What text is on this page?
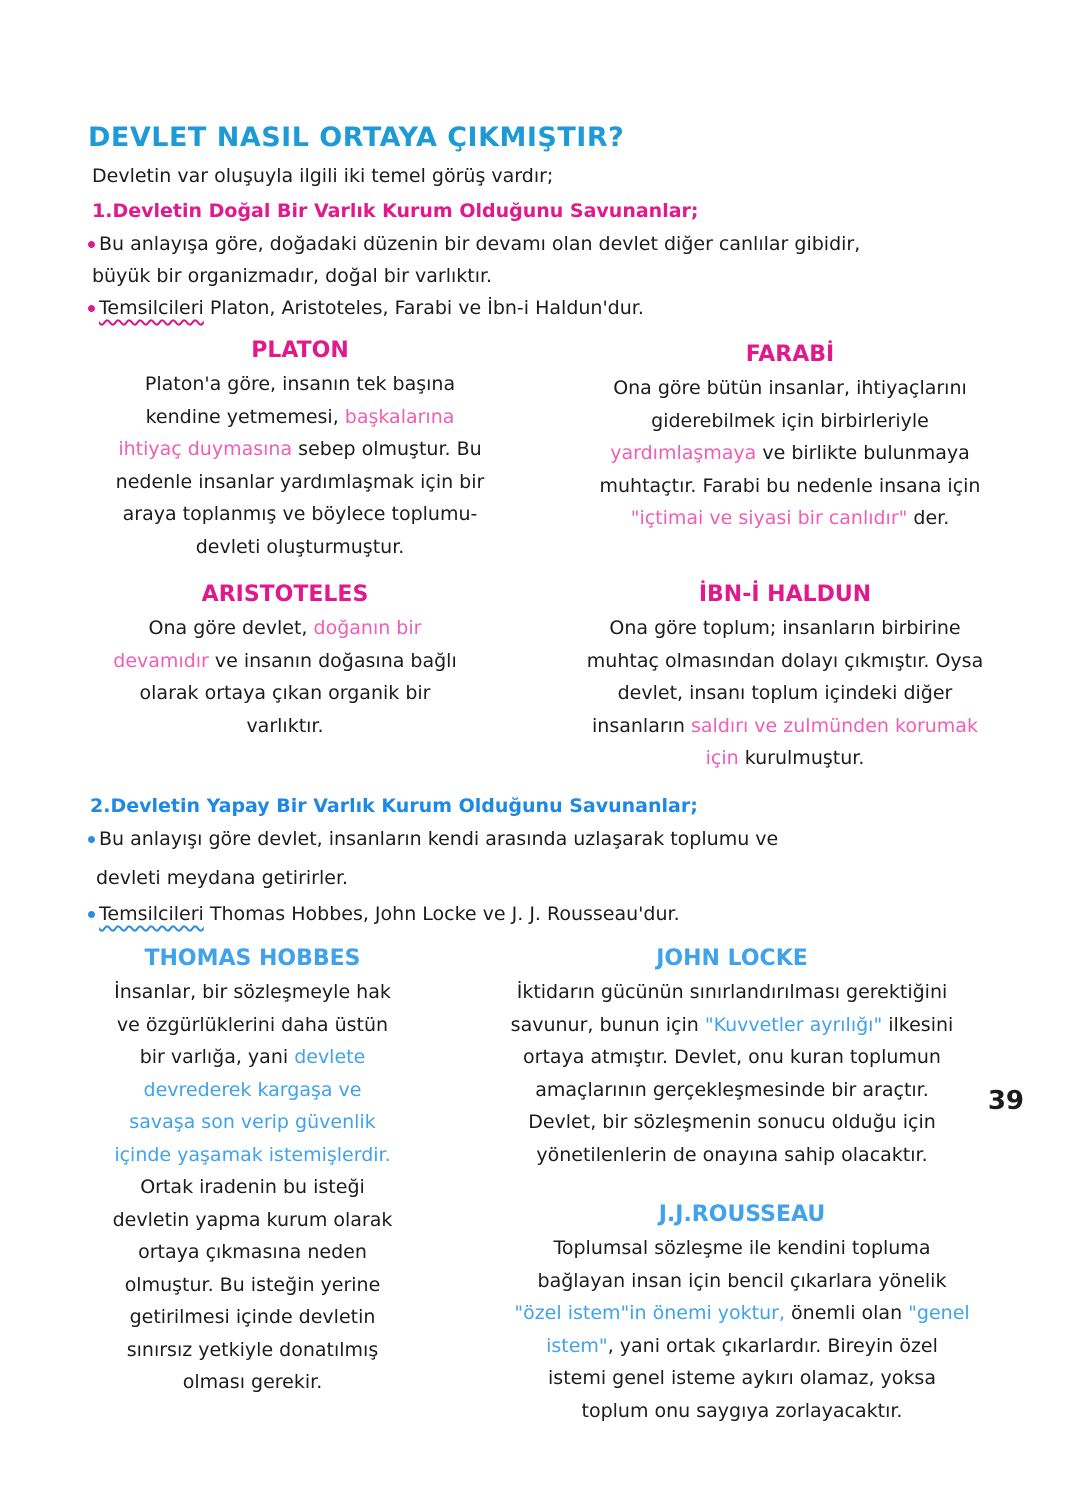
DEVLET NASIL ORTAYA ÇIKMIŞTIR?
Devletin var oluşuyla ilgili iki temel görüş vardır;
1.Devletin Doğal Bir Varlık Kurum Olduğunu Savunanlar;
Bu anlayışa göre, doğadaki düzenin bir devamı olan devlet diğer canlılar gibidir,
büyük bir organizmadır, doğal bir varlıktır.
Temsilcileri Platon, Aristoteles, Farabi ve İbn-i Haldun'dur.
PLATON
Platon'a göre, insanın tek başına
kendine yetmemesi, başkalarına
ihtiyaç duymasına sebep olmuştur. Bu
nedenle insanlar yardımlaşmak için bir
araya toplanmış ve böylece toplumu-
devleti oluşturmuştur.
FARABİ
Ona göre bütün insanlar, ihtiyaçlarını
giderebilmek için birbirleriyle
yardımlaşmaya ve birlikte bulunmaya
muhtaçtır. Farabi bu nedenle insana için
"içtimai ve siyasi bir canlıdır" der.
ARISTOTELES
Ona göre devlet, doğanın bir
devamıdır ve insanın doğasına bağlı
olarak ortaya çıkan organik bir
varlıktır.
İBN-İ HALDUN
Ona göre toplum; insanların birbirine
muhtaç olmasından dolayı çıkmıştır. Oysa
devlet, insanı toplum içindeki diğer
insanların saldırı ve zulmünden korumak
için kurulmuştur.
2.Devletin Yapay Bir Varlık Kurum Olduğunu Savunanlar;
Bu anlayışı göre devlet, insanların kendi arasında uzlaşarak toplumu ve
devleti meydana getirirler.
Temsilcileri Thomas Hobbes, John Locke ve J. J. Rousseau'dur.
THOMAS HOBBES
İnsanlar, bir sözleşmeyle hak
ve özgürlüklerini daha üstün
bir varlığa, yani devlete
devrederek kargaşa ve
savaşa son verip güvenlik
içinde yaşamak istemişlerdir.
Ortak iradenin bu isteği
devletin yapma kurum olarak
ortaya çıkmasına neden
olmuştur. Bu isteğin yerine
getirilmesi içinde devletin
sınırsız yetkiyle donatılmış
olması gerekir.
JOHN LOCKE
İktidarın gücünün sınırlandırılması gerektiğini
savunur, bunun için "Kuvvetler ayrılığı" ilkesini
ortaya atmıştır. Devlet, onu kuran toplumun
amaçlarının gerçekleşmesinde bir araçtır.
Devlet, bir sözleşmenin sonucu olduğu için
yönetilenlerin de onayına sahip olacaktır.
J.J.ROUSSEAU
Toplumsal sözleşme ile kendini topluma
bağlayan insan için bencil çıkarlara yönelik
"özel istem"in önemi yoktur, önemli olan "genel
istem", yani ortak çıkarlardır. Bireyin özel
istemi genel isteme aykırı olamaz, yoksa
toplum onu saygıya zorlayacaktır.
39
